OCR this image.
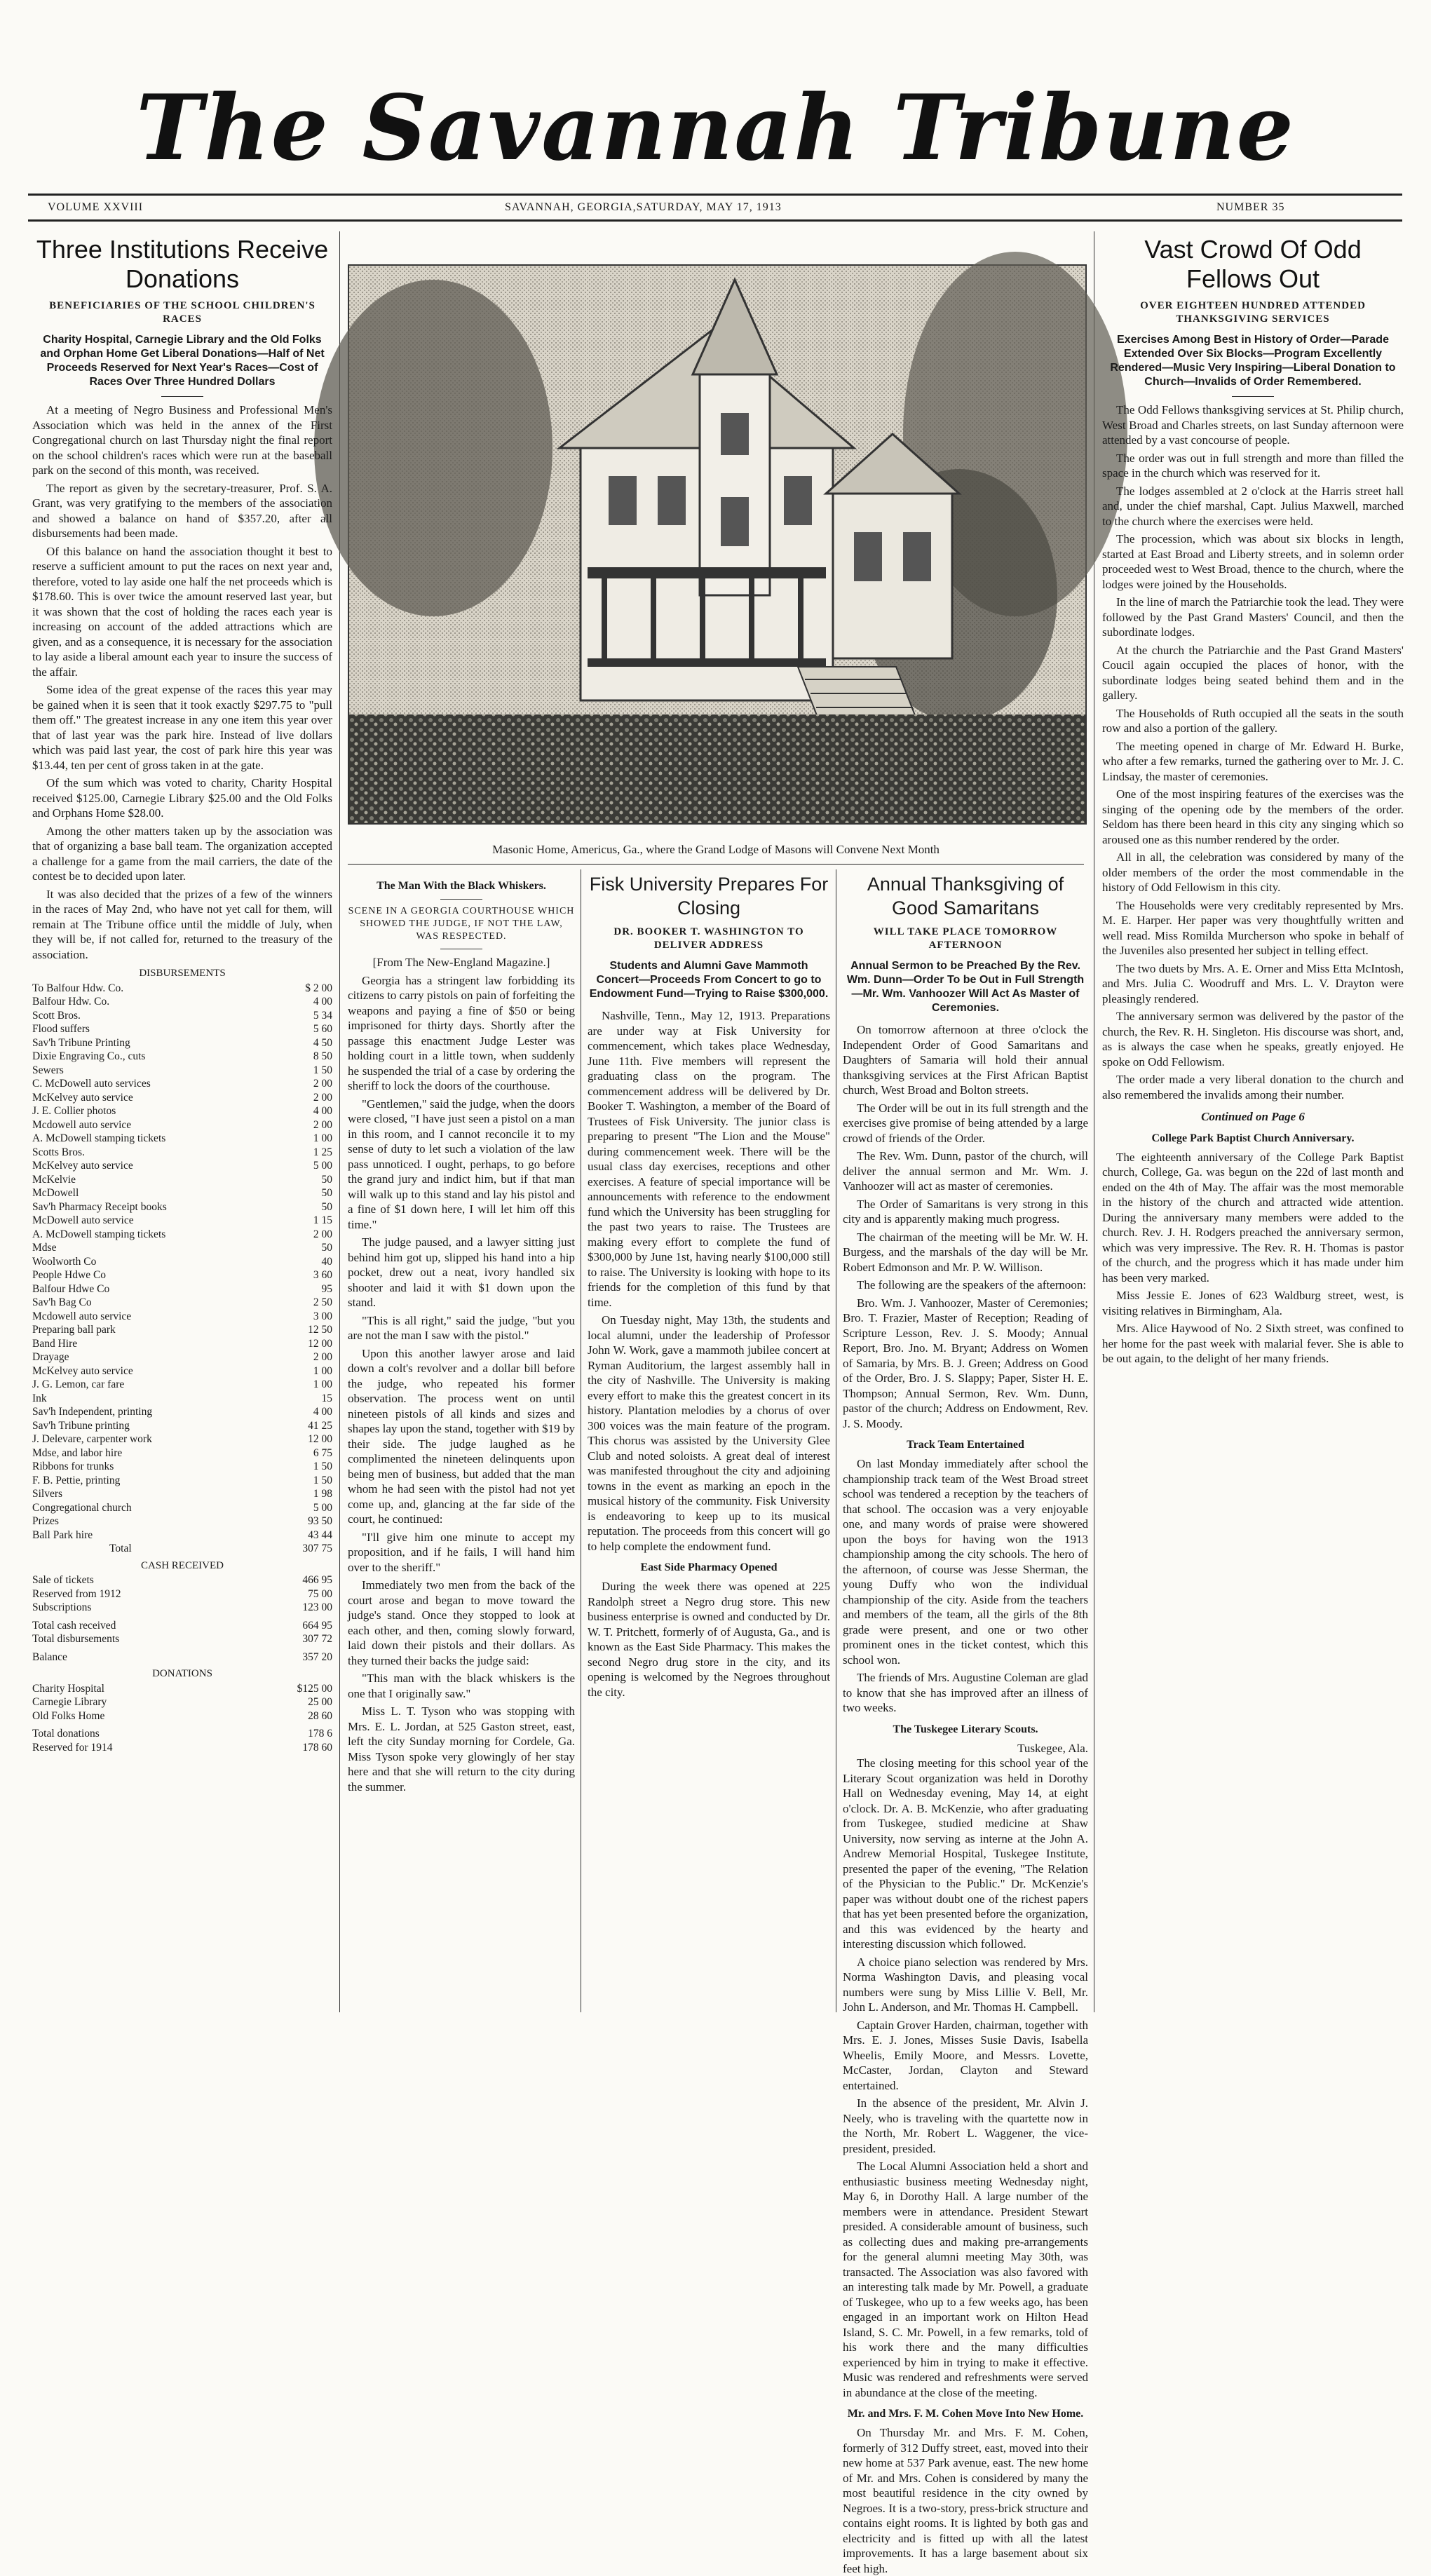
The Savannah Tribune
VOLUME XXVIII	SAVANNAH, GEORGIA,SATURDAY, MAY 17, 1913	NUMBER 35
Masonic Home, Americus, Ga., where the Grand Lodge of Masons will Convene Next Month
Three Institutions Receive Donations
BENEFICIARIES OF THE SCHOOL CHILDREN'S RACES
Charity Hospital, Carnegie Library and the Old Folks and Orphan Home Get Liberal Donations—Half of Net Proceeds Reserved for Next Year's Races—Cost of Races Over Three Hundred Dollars

At a meeting of Negro Business and Professional Men's Association which was held in the annex of the First Congregational church on last Thursday night the final report on the school children's races which were run at the baseball park on the second of this month, was received.

The report as given by the secretary-treasurer, Prof. S. A. Grant, was very gratifying to the members of the association and showed a balance on hand of $357.20, after all disbursements had been made.

Of this balance on hand the association thought it best to reserve a sufficient amount to put the races on next year and, therefore, voted to lay aside one half the net proceeds which is $178.60. This is over twice the amount reserved last year, but it was shown that the cost of holding the races each year is increasing on account of the added attractions which are given, and as a consequence, it is necessary for the association to lay aside a liberal amount each year to insure the success of the affair.

Some idea of the great expense of the races this year may be gained when it is seen that it took exactly $297.75 to "pull them off." The greatest increase in any one item this year over that of last year was the park hire. Instead of live dollars which was paid last year, the cost of park hire this year was $13.44, ten per cent of gross taken in at the gate.

Of the sum which was voted to charity, Charity Hospital received $125.00, Carnegie Library $25.00 and the Old Folks and Orphans Home $28.00.

Among the other matters taken up by the association was that of organizing a base ball team. The organization accepted a challenge for a game from the mail carriers, the date of the contest be to decided upon later.

It was also decided that the prizes of a few of the winners in the races of May 2nd, who have not yet call for them, will remain at The Tribune office until the middle of July, when they will be, if not called for, returned to the treasury of the association.

DISBURSEMENTS
To Balfour Hdw. Co.	$ 2 00
Balfour Hdw. Co.	4 00
Scott Bros.	5 34
Flood suffers	5 60
Sav'h Tribune Printing	4 50
Dixie Engraving Co., cuts	8 50
Sewers	1 50
C. McDowell auto services	2 00
McKelvey auto service	2 00
J. E. Collier photos	4 00
Mcdowell auto service	2 00
A. McDowell stamping tickets	1 00
Scotts Bros.	1 25
McKelvey auto service	5 00
McKelvie	50
McDowell	50
Sav'h Pharmacy Receipt books	50
McDowell auto service	1 15
A. McDowell stamping tickets	2 00
Mdse	50
Woolworth Co	40
People Hdwe Co	3 60
Balfour Hdwe Co	95
Sav'h Bag Co	2 50
Mcdowell auto service	3 00
Preparing ball park	12 50
Band Hire	12 00
Drayage	2 00
McKelvey auto service	1 00
J. G. Lemon, car fare	1 00
Ink	15
Sav'h Independent, printing	4 00
Sav'h Tribune printing	41 25
J. Delevare, carpenter work	12 00
Mdse, and labor hire	6 75
Ribbons for trunks	1 50
F. B. Pettie, printing	1 50
Silvers	1 98
Congregational church	5 00
Prizes	93 50
Ball Park hire	43 44
Total	307 75
CASH RECEIVED
Sale of tickets	466 95
Reserved from 1912	75 00
Subscriptions	123 00
Total cash received	664 95
Total disbursements	307 72
Balance	357 20
DONATIONS
Charity Hospital	$125 00
Carnegie Library	25 00
Old Folks Home	28 60
Total donations	178 6
Reserved for 1914	178 60
The Man With the Black Whiskers.
SCENE IN A GEORGIA COURTHOUSE WHICH SHOWED THE JUDGE, IF NOT THE LAW, WAS RESPECTED.
[From The New-England Magazine.]

Georgia has a stringent law forbidding its citizens to carry pistols on pain of forfeiting the weapons and paying a fine of $50 or being imprisoned for thirty days. Shortly after the passage this enactment Judge Lester was holding court in a little town, when suddenly he suspended the trial of a case by ordering the sheriff to lock the doors of the courthouse.

"Gentlemen," said the judge, when the doors were closed, "I have just seen a pistol on a man in this room, and I cannot reconcile it to my sense of duty to let such a violation of the law pass unnoticed. I ought, perhaps, to go before the grand jury and indict him, but if that man will walk up to this stand and lay his pistol and a fine of $1 down here, I will let him off this time."

The judge paused, and a lawyer sitting just behind him got up, slipped his hand into a hip pocket, drew out a neat, ivory handled six shooter and laid it with $1 down upon the stand.

"This is all right," said the judge, "but you are not the man I saw with the pistol."

Upon this another lawyer arose and laid down a colt's revolver and a dollar bill before the judge, who repeated his former observation. The process went on until nineteen pistols of all kinds and sizes and shapes lay upon the stand, together with $19 by their side. The judge laughed as he complimented the nineteen delinquents upon being men of business, but added that the man whom he had seen with the pistol had not yet come up, and, glancing at the far side of the court, he continued:

"I'll give him one minute to accept my proposition, and if he fails, I will hand him over to the sheriff."

Immediately two men from the back of the court arose and began to move toward the judge's stand. Once they stopped to look at each other, and then, coming slowly forward, laid down their pistols and their dollars. As they turned their backs the judge said:

"This man with the black whiskers is the one that I originally saw."

Miss L. T. Tyson who was stopping with Mrs. E. L. Jordan, at 525 Gaston street, east, left the city Sunday morning for Cordele, Ga. Miss Tyson spoke very glowingly of her stay here and that she will return to the city during the summer.

Fisk University Prepares For Closing
DR. BOOKER T. WASHINGTON TO DELIVER ADDRESS
Students and Alumni Gave Mammoth Concert—Proceeds From Concert to go to Endowment Fund—Trying to Raise $300,000.

Nashville, Tenn., May 12, 1913. Preparations are under way at Fisk University for commencement, which takes place Wednesday, June 11th. Five members will represent the graduating class on the program. The commencement address will be delivered by Dr. Booker T. Washington, a member of the Board of Trustees of Fisk University. The junior class is preparing to present "The Lion and the Mouse" during commencement week. There will be the usual class day exercises, receptions and other exercises. A feature of special importance will be announcements with reference to the endowment fund which the University has been struggling for the past two years to raise. The Trustees are making every effort to complete the fund of $300,000 by June 1st, having nearly $100,000 still to raise. The University is looking with hope to its friends for the completion of this fund by that time.

On Tuesday night, May 13th, the students and local alumni, under the leadership of Professor John W. Work, gave a mammoth jubilee concert at Ryman Auditorium, the largest assembly hall in the city of Nashville. The University is making every effort to make this the greatest concert in its history. Plantation melodies by a chorus of over 300 voices was the main feature of the program. This chorus was assisted by the University Glee Club and noted soloists. A great deal of interest was manifested throughout the city and adjoining towns in the event as marking an epoch in the musical history of the community. Fisk University is endeavoring to keep up to its musical reputation. The proceeds from this concert will go to help complete the endowment fund.

East Side Pharmacy Opened

During the week there was opened at 225 Randolph street a Negro drug store. This new business enterprise is owned and conducted by Dr. W. T. Pritchett, formerly of of Augusta, Ga., and is known as the East Side Pharmacy. This makes the second Negro drug store in the city, and its opening is welcomed by the Negroes throughout the city.

Annual Thanksgiving of Good Samaritans
WILL TAKE PLACE TOMORROW AFTERNOON
Annual Sermon to be Preached By the Rev. Wm. Dunn—Order To be Out in Full Strength—Mr. Wm. Vanhoozer Will Act As Master of Ceremonies.

On tomorrow afternoon at three o'clock the Independent Order of Good Samaritans and Daughters of Samaria will hold their annual thanksgiving services at the First African Baptist church, West Broad and Bolton streets.

The Order will be out in its full strength and the exercises give promise of being attended by a large crowd of friends of the Order.

The Rev. Wm. Dunn, pastor of the church, will deliver the annual sermon and Mr. Wm. J. Vanhoozer will act as master of ceremonies.

The Order of Samaritans is very strong in this city and is apparently making much progress.

The chairman of the meeting will be Mr. W. H. Burgess, and the marshals of the day will be Mr. Robert Edmonson and Mr. P. W. Willison.

The following are the speakers of the afternoon:

Bro. Wm. J. Vanhoozer, Master of Ceremonies; Bro. T. Frazier, Master of Reception; Reading of Scripture Lesson, Rev. J. S. Moody; Annual Report, Bro. Jno. M. Bryant; Address on Women of Samaria, by Mrs. B. J. Green; Address on Good of the Order, Bro. J. S. Slappy; Paper, Sister H. E. Thompson; Annual Sermon, Rev. Wm. Dunn, pastor of the church; Address on Endowment, Rev. J. S. Moody.

Track Team Entertained

On last Monday immediately after school the championship track team of the West Broad street school was tendered a reception by the teachers of that school. The occasion was a very enjoyable one, and many words of praise were showered upon the boys for having won the 1913 championship among the city schools. The hero of the afternoon, of course was Jesse Sherman, the young Duffy who won the individual championship of the city. Aside from the teachers and members of the team, all the girls of the 8th grade were present, and one or two other prominent ones in the ticket contest, which this school won.

The friends of Mrs. Augustine Coleman are glad to know that she has improved after an illness of two weeks.

The Tuskegee Literary Scouts.
Tuskegee, Ala.

The closing meeting for this school year of the Literary Scout organization was held in Dorothy Hall on Wednesday evening, May 14, at eight o'clock. Dr. A. B. McKenzie, who after graduating from Tuskegee, studied medicine at Shaw University, now serving as interne at the John A. Andrew Memorial Hospital, Tuskegee Institute, presented the paper of the evening, "The Relation of the Physician to the Public." Dr. McKenzie's paper was without doubt one of the richest papers that has yet been presented before the organization, and this was evidenced by the hearty and interesting discussion which followed.

A choice piano selection was rendered by Mrs. Norma Washington Davis, and pleasing vocal numbers were sung by Miss Lillie V. Bell, Mr. John L. Anderson, and Mr. Thomas H. Campbell.

Captain Grover Harden, chairman, together with Mrs. E. J. Jones, Misses Susie Davis, Isabella Wheelis, Emily Moore, and Messrs. Lovette, McCaster, Jordan, Clayton and Steward entertained.

In the absence of the president, Mr. Alvin J. Neely, who is traveling with the quartette now in the North, Mr. Robert L. Waggener, the vice-president, presided.

The Local Alumni Association held a short and enthusiastic business meeting Wednesday night, May 6, in Dorothy Hall. A large number of the members were in attendance. President Stewart presided. A considerable amount of business, such as collecting dues and making pre-arrangements for the general alumni meeting May 30th, was transacted. The Association was also favored with an interesting talk made by Mr. Powell, a graduate of Tuskegee, who up to a few weeks ago, has been engaged in an important work on Hilton Head Island, S. C. Mr. Powell, in a few remarks, told of his work there and the many difficulties experienced by him in trying to make it effective. Music was rendered and refreshments were served in abundance at the close of the meeting.

Mr. and Mrs. F. M. Cohen Move Into New Home.

On Thursday Mr. and Mrs. F. M. Cohen, formerly of 312 Duffy street, east, moved into their new home at 537 Park avenue, east. The new home of Mr. and Mrs. Cohen is considered by many the most beautiful residence in the city owned by Negroes. It is a two-story, press-brick structure and contains eight rooms. It is lighted by both gas and electricity and is fitted up with all the latest improvements. It has a large basement about six feet high.

Vast Crowd Of Odd Fellows Out
OVER EIGHTEEN HUNDRED ATTENDED THANKSGIVING SERVICES
Exercises Among Best in History of Order—Parade Extended Over Six Blocks—Program Excellently Rendered—Music Very Inspiring—Liberal Donation to Church—Invalids of Order Remembered.

The Odd Fellows thanksgiving services at St. Philip church, West Broad and Charles streets, on last Sunday afternoon were attended by a vast concourse of people.

The order was out in full strength and more than filled the space in the church which was reserved for it.

The lodges assembled at 2 o'clock at the Harris street hall and, under the chief marshal, Capt. Julius Maxwell, marched to the church where the exercises were held.

The procession, which was about six blocks in length, started at East Broad and Liberty streets, and in solemn order proceeded west to West Broad, thence to the church, where the lodges were joined by the Households.

In the line of march the Patriarchie took the lead. They were followed by the Past Grand Masters' Council, and then the subordinate lodges.

At the church the Patriarchie and the Past Grand Masters' Coucil again occupied the places of honor, with the subordinate lodges being seated behind them and in the gallery.

The Households of Ruth occupied all the seats in the south row and also a portion of the gallery.

The meeting opened in charge of Mr. Edward H. Burke, who after a few remarks, turned the gathering over to Mr. J. C. Lindsay, the master of ceremonies.

One of the most inspiring features of the exercises was the singing of the opening ode by the members of the order. Seldom has there been heard in this city any singing which so aroused one as this number rendered by the order.

All in all, the celebration was considered by many of the older members of the order the most commendable in the history of Odd Fellowism in this city.

The Households were very creditably represented by Mrs. M. E. Harper. Her paper was very thoughtfully written and well read. Miss Romilda Murcherson who spoke in behalf of the Juveniles also presented her subject in telling effect.

The two duets by Mrs. A. E. Orner and Miss Etta McIntosh, and Mrs. Julia C. Woodruff and Mrs. L. V. Drayton were pleasingly rendered.

The anniversary sermon was delivered by the pastor of the church, the Rev. R. H. Singleton. His discourse was short, and, as is always the case when he speaks, greatly enjoyed. He spoke on Odd Fellowism.

The order made a very liberal donation to the church and also remembered the invalids among their number.

Continued on Page 6
College Park Baptist Church Anniversary.

The eighteenth anniversary of the College Park Baptist church, College, Ga. was begun on the 22d of last month and ended on the 4th of May. The affair was the most memorable in the history of the church and attracted wide attention. During the anniversary many members were added to the church. Rev. J. H. Rodgers preached the anniversary sermon, which was very impressive. The Rev. R. H. Thomas is pastor of the church, and the progress which it has made under him has been very marked.

Miss Jessie E. Jones of 623 Waldburg street, west, is visiting relatives in Birmingham, Ala.

Mrs. Alice Haywood of No. 2 Sixth street, was confined to her home for the past week with malarial fever. She is able to be out again, to the delight of her many friends.
